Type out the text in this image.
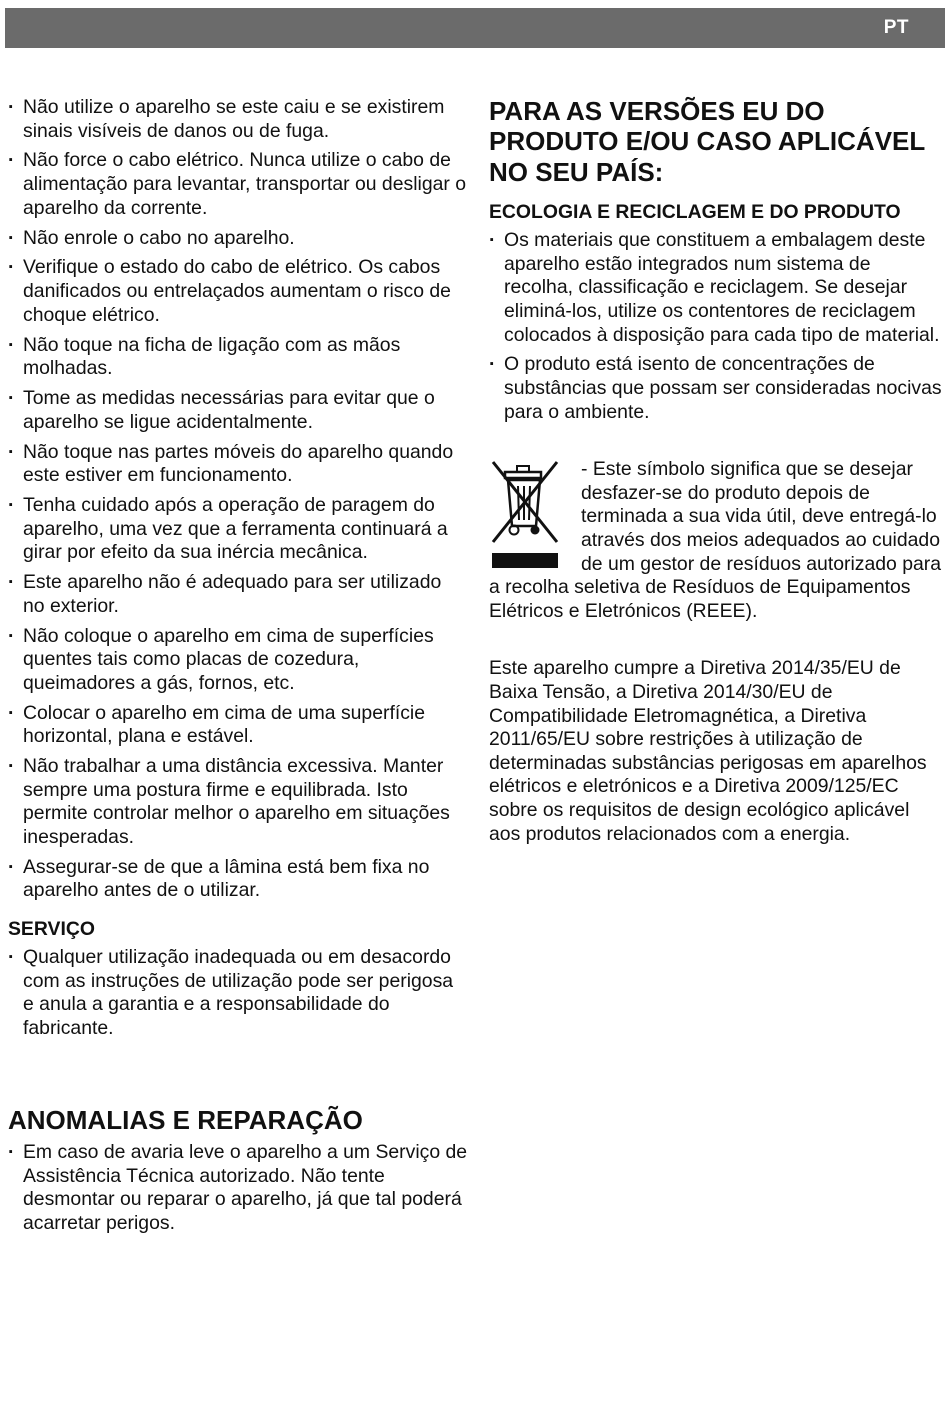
PT
· Não utilize o aparelho se este caiu e se existirem sinais visíveis de danos ou de fuga.
· Não force o cabo elétrico. Nunca utilize o cabo de alimentação para levantar, transportar ou desligar o aparelho da corrente.
· Não enrole o cabo no aparelho.
· Verifique o estado do cabo de elétrico. Os cabos danificados ou entrelaçados aumentam o risco de choque elétrico.
· Não toque na ficha de ligação com as mãos molhadas.
· Tome as medidas necessárias para evitar que o aparelho se ligue acidentalmente.
· Não toque nas partes móveis do aparelho quando este estiver em funcionamento.
· Tenha cuidado após a operação de paragem do aparelho, uma vez que a ferramenta continuará a girar por efeito da sua inércia mecânica.
· Este aparelho não é adequado para ser utilizado no exterior.
· Não coloque o aparelho em cima de superfícies quentes tais como placas de cozedura, queimadores a gás, fornos, etc.
· Colocar o aparelho em cima de uma superfície horizontal, plana e estável.
· Não trabalhar a uma distância excessiva. Manter sempre uma postura firme e equilibrada. Isto permite controlar melhor o aparelho em situações inesperadas.
· Assegurar-se de que a lâmina está bem fixa no aparelho antes de o utilizar.
SERVIÇO
· Qualquer utilização inadequada ou em desacordo com as instruções de utilização pode ser perigosa e anula a garantia e a responsabilidade do fabricante.
ANOMALIAS E REPARAÇÃO
· Em caso de avaria leve o aparelho a um Serviço de Assistência Técnica autorizado. Não tente desmontar ou reparar o aparelho, já que tal poderá acarretar perigos.
PARA AS VERSÕES EU DO PRODUTO E/OU CASO APLICÁVEL NO SEU PAÍS:
ECOLOGIA E RECICLAGEM E DO PRODUTO
· Os materiais que constituem a embalagem deste aparelho estão integrados num sistema de recolha, classificação e reciclagem. Se desejar eliminá-los, utilize os contentores de reciclagem colocados à disposição para cada tipo de material.
· O produto está isento de concentrações de substâncias que possam ser consideradas nocivas para o ambiente.

- Este símbolo significa que se desejar desfazer-se do produto depois de terminada a sua vida útil, deve entregá-lo através dos meios adequados ao cuidado de um gestor de resíduos autorizado para a recolha seletiva de Resíduos de Equipamentos Elétricos e Eletrónicos (REEE).

Este aparelho cumpre a Diretiva 2014/35/EU de Baixa Tensão, a Diretiva 2014/30/EU de Compatibilidade Eletromagnética, a Diretiva 2011/65/EU sobre restrições à utilização de determinadas substâncias perigosas em aparelhos elétricos e eletrónicos e a Diretiva 2009/125/EC sobre os requisitos de design ecológico aplicável aos produtos relacionados com a energia.
